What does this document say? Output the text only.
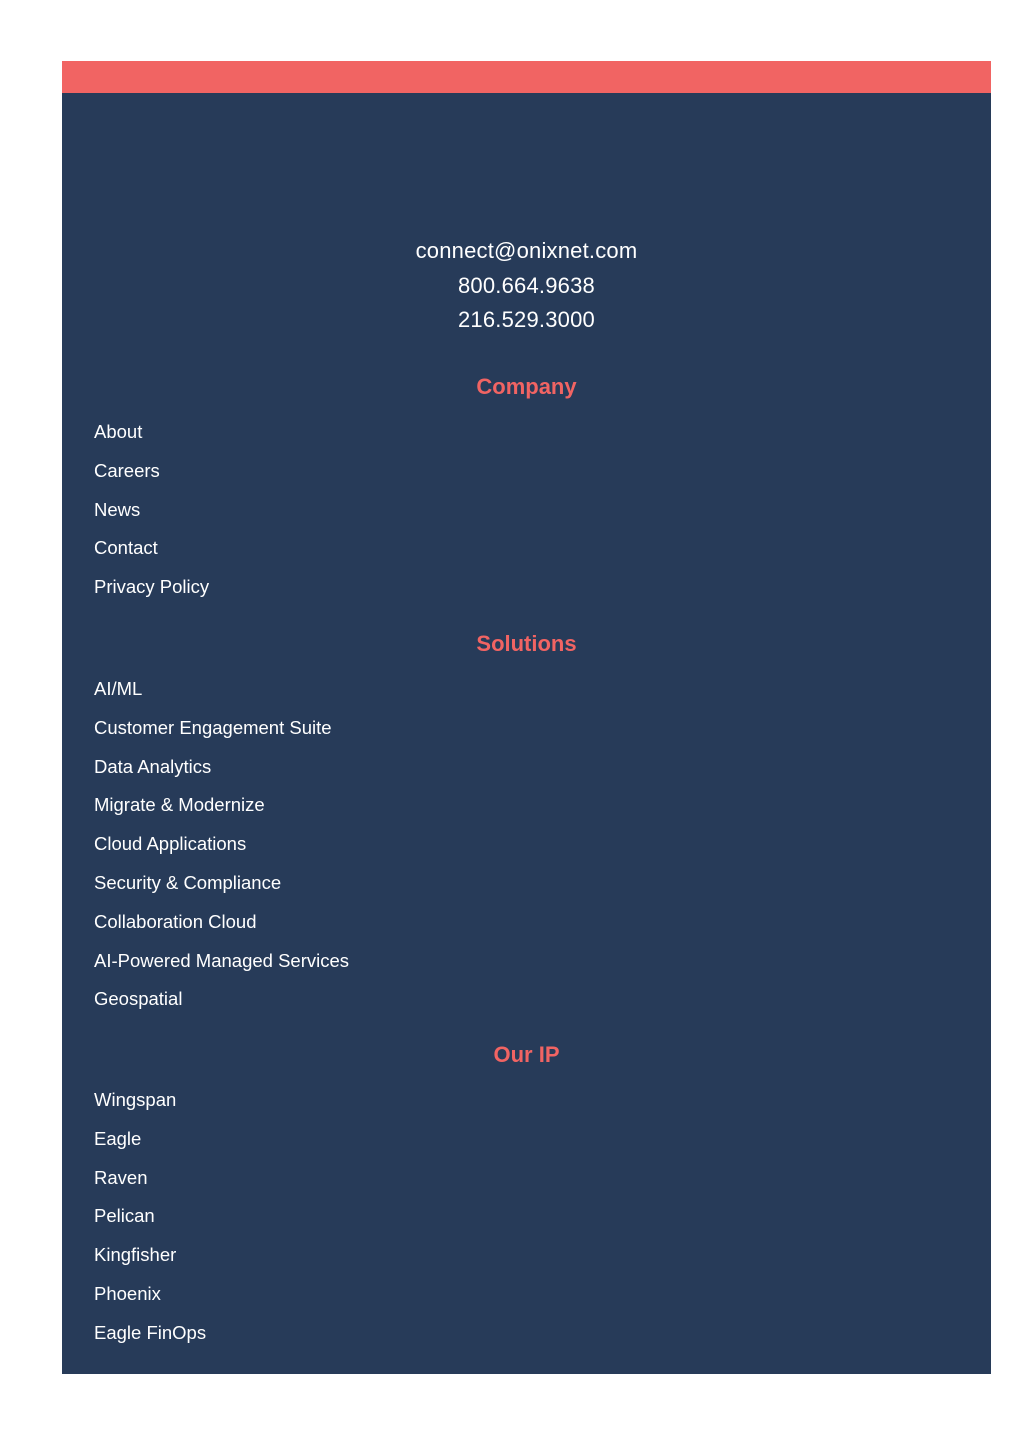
connect@onixnet.com
800.664.9638
216.529.3000
Company
About
Careers
News
Contact
Privacy Policy
Solutions
AI/ML
Customer Engagement Suite
Data Analytics
Migrate & Modernize
Cloud Applications
Security & Compliance
Collaboration Cloud
AI-Powered Managed Services
Geospatial
Our IP
Wingspan
Eagle
Raven
Pelican
Kingfisher
Phoenix
Eagle FinOps
